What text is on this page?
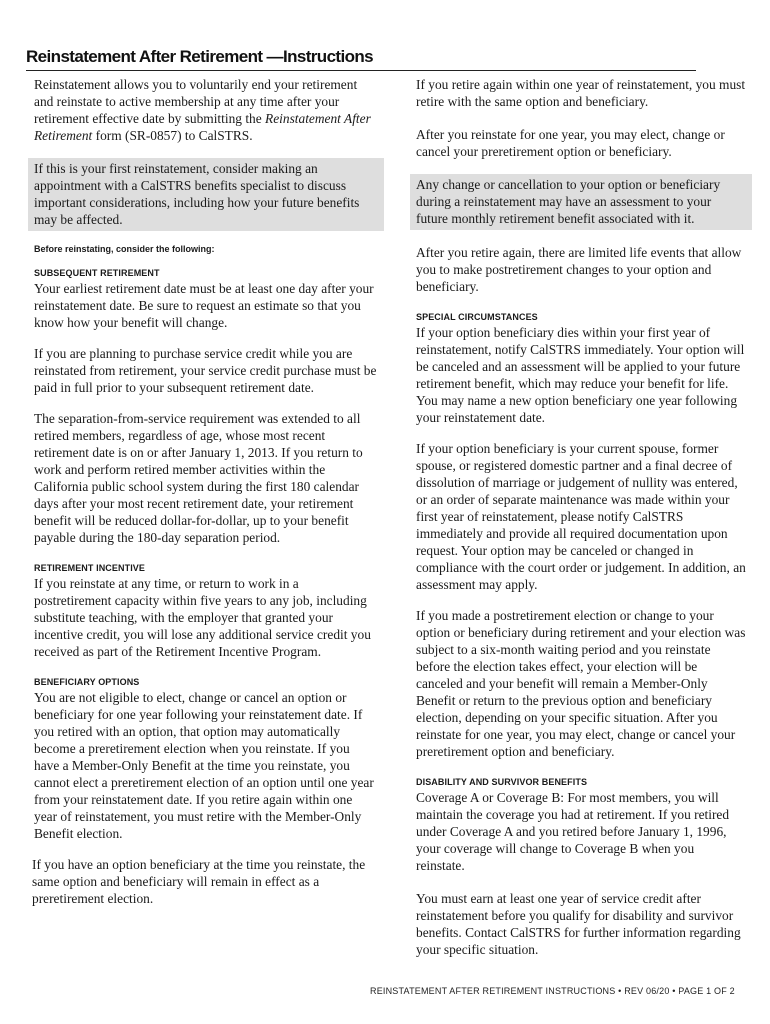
Reinstatement After Retirement —Instructions

Reinstatement allows you to voluntarily end your retirement and reinstate to active membership at any time after your retirement effective date by submitting the Reinstatement After Retirement form (SR-0857) to CalSTRS.

If this is your first reinstatement, consider making an appointment with a CalSTRS benefits specialist to discuss important considerations, including how your future benefits may be affected.

Before reinstating, consider the following:

SUBSEQUENT RETIREMENT

Your earliest retirement date must be at least one day after your reinstatement date. Be sure to request an estimate so that you know how your benefit will change.

If you are planning to purchase service credit while you are reinstated from retirement, your service credit purchase must be paid in full prior to your subsequent retirement date.

The separation-from-service requirement was extended to all retired members, regardless of age, whose most recent retirement date is on or after January 1, 2013. If you return to work and perform retired member activities within the California public school system during the first 180 calendar days after your most recent retirement date, your retirement benefit will be reduced dollar-for-dollar, up to your benefit payable during the 180-day separation period.

RETIREMENT INCENTIVE

If you reinstate at any time, or return to work in a postretirement capacity within five years to any job, including substitute teaching, with the employer that granted your incentive credit, you will lose any additional service credit you received as part of the Retirement Incentive Program.

BENEFICIARY OPTIONS

You are not eligible to elect, change or cancel an option or beneficiary for one year following your reinstatement date. If you retired with an option, that option may automatically become a preretirement election when you reinstate. If you have a Member-Only Benefit at the time you reinstate, you cannot elect a preretirement election of an option until one year from your reinstatement date. If you retire again within one year of reinstatement, you must retire with the Member-Only Benefit election.

If you have an option beneficiary at the time you reinstate, the same option and beneficiary will remain in effect as a preretirement election.

If you retire again within one year of reinstatement, you must retire with the same option and beneficiary.

After you reinstate for one year, you may elect, change or cancel your preretirement option or beneficiary.

Any change or cancellation to your option or beneficiary during a reinstatement may have an assessment to your future monthly retirement benefit associated with it.

After you retire again, there are limited life events that allow you to make postretirement changes to your option and beneficiary.

SPECIAL CIRCUMSTANCES

If your option beneficiary dies within your first year of reinstatement, notify CalSTRS immediately. Your option will be canceled and an assessment will be applied to your future retirement benefit, which may reduce your benefit for life. You may name a new option beneficiary one year following your reinstatement date.

If your option beneficiary is your current spouse, former spouse, or registered domestic partner and a final decree of dissolution of marriage or judgement of nullity was entered, or an order of separate maintenance was made within your first year of reinstatement, please notify CalSTRS immediately and provide all required documentation upon request. Your option may be canceled or changed in compliance with the court order or judgement. In addition, an assessment may apply.

If you made a postretirement election or change to your option or beneficiary during retirement and your election was subject to a six-month waiting period and you reinstate before the election takes effect, your election will be canceled and your benefit will remain a Member-Only Benefit or return to the previous option and beneficiary election, depending on your specific situation. After you reinstate for one year, you may elect, change or cancel your preretirement option and beneficiary.

DISABILITY AND SURVIVOR BENEFITS

Coverage A or Coverage B: For most members, you will maintain the coverage you had at retirement. If you retired under Coverage A and you retired before January 1, 1996, your coverage will change to Coverage B when you reinstate.

You must earn at least one year of service credit after reinstatement before you qualify for disability and survivor benefits. Contact CalSTRS for further information regarding your specific situation.

REINSTATEMENT AFTER RETIREMENT INSTRUCTIONS • REV 06/20 • PAGE 1 OF 2
